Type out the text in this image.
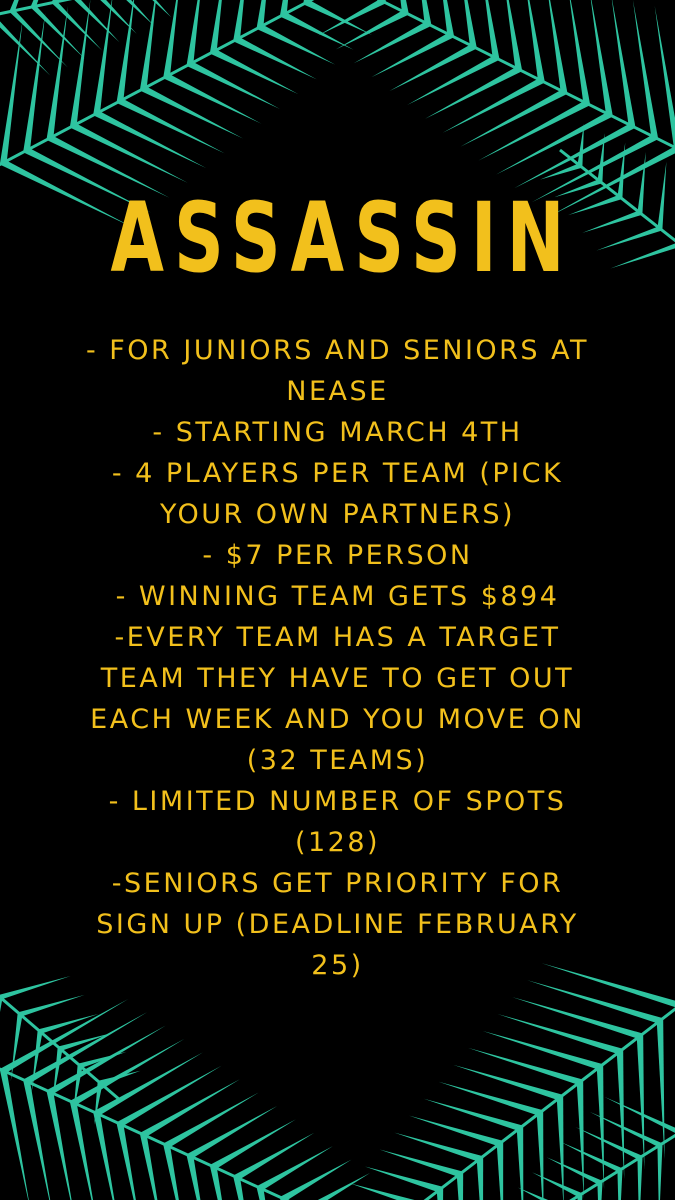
ASSASSIN
- FOR JUNIORS AND SENIORS AT NEASE
- STARTING MARCH 4TH
- 4 PLAYERS PER TEAM (PICK YOUR OWN PARTNERS)
- $7 PER PERSON
- WINNING TEAM GETS $894
-EVERY TEAM HAS A TARGET TEAM THEY HAVE TO GET OUT EACH WEEK AND YOU MOVE ON (32 TEAMS)
- LIMITED NUMBER OF SPOTS (128)
-SENIORS GET PRIORITY FOR SIGN UP (DEADLINE FEBRUARY 25)
